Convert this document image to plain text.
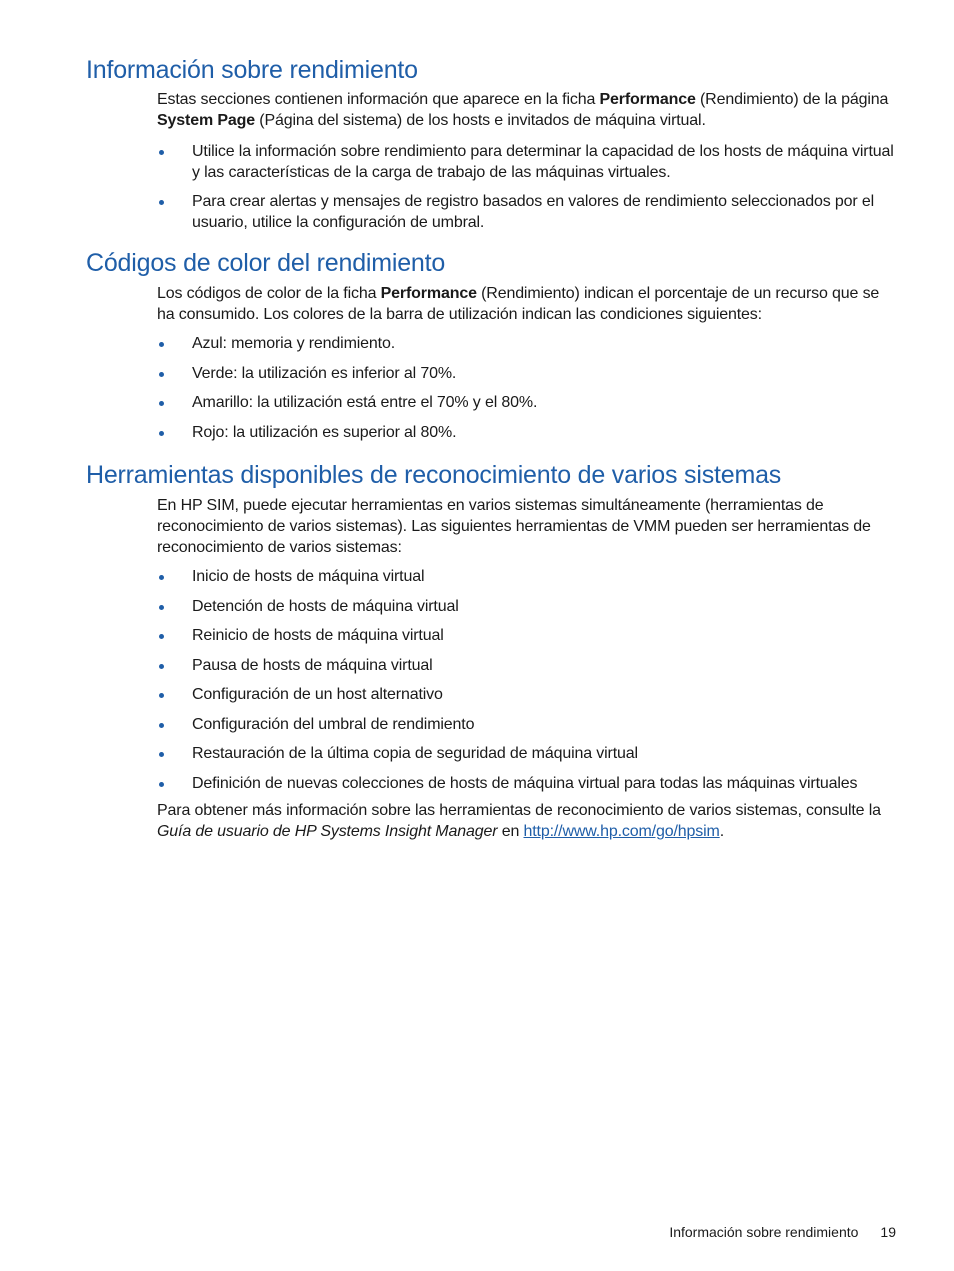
Información sobre rendimiento

Estas secciones contienen información que aparece en la ficha Performance (Rendimiento) de la página System Page (Página del sistema) de los hosts e invitados de máquina virtual.

Utilice la información sobre rendimiento para determinar la capacidad de los hosts de máquina virtual y las características de la carga de trabajo de las máquinas virtuales.
Para crear alertas y mensajes de registro basados en valores de rendimiento seleccionados por el usuario, utilice la configuración de umbral.
Códigos de color del rendimiento

Los códigos de color de la ficha Performance (Rendimiento) indican el porcentaje de un recurso que se ha consumido. Los colores de la barra de utilización indican las condiciones siguientes:

Azul: memoria y rendimiento.
Verde: la utilización es inferior al 70%.
Amarillo: la utilización está entre el 70% y el 80%.
Rojo: la utilización es superior al 80%.
Herramientas disponibles de reconocimiento de varios sistemas

En HP SIM, puede ejecutar herramientas en varios sistemas simultáneamente (herramientas de reconocimiento de varios sistemas). Las siguientes herramientas de VMM pueden ser herramientas de reconocimiento de varios sistemas:

Inicio de hosts de máquina virtual
Detención de hosts de máquina virtual
Reinicio de hosts de máquina virtual
Pausa de hosts de máquina virtual
Configuración de un host alternativo
Configuración del umbral de rendimiento
Restauración de la última copia de seguridad de máquina virtual
Definición de nuevas colecciones de hosts de máquina virtual para todas las máquinas virtuales

Para obtener más información sobre las herramientas de reconocimiento de varios sistemas, consulte la Guía de usuario de HP Systems Insight Manager en http://www.hp.com/go/hpsim.

Información sobre rendimiento 19
